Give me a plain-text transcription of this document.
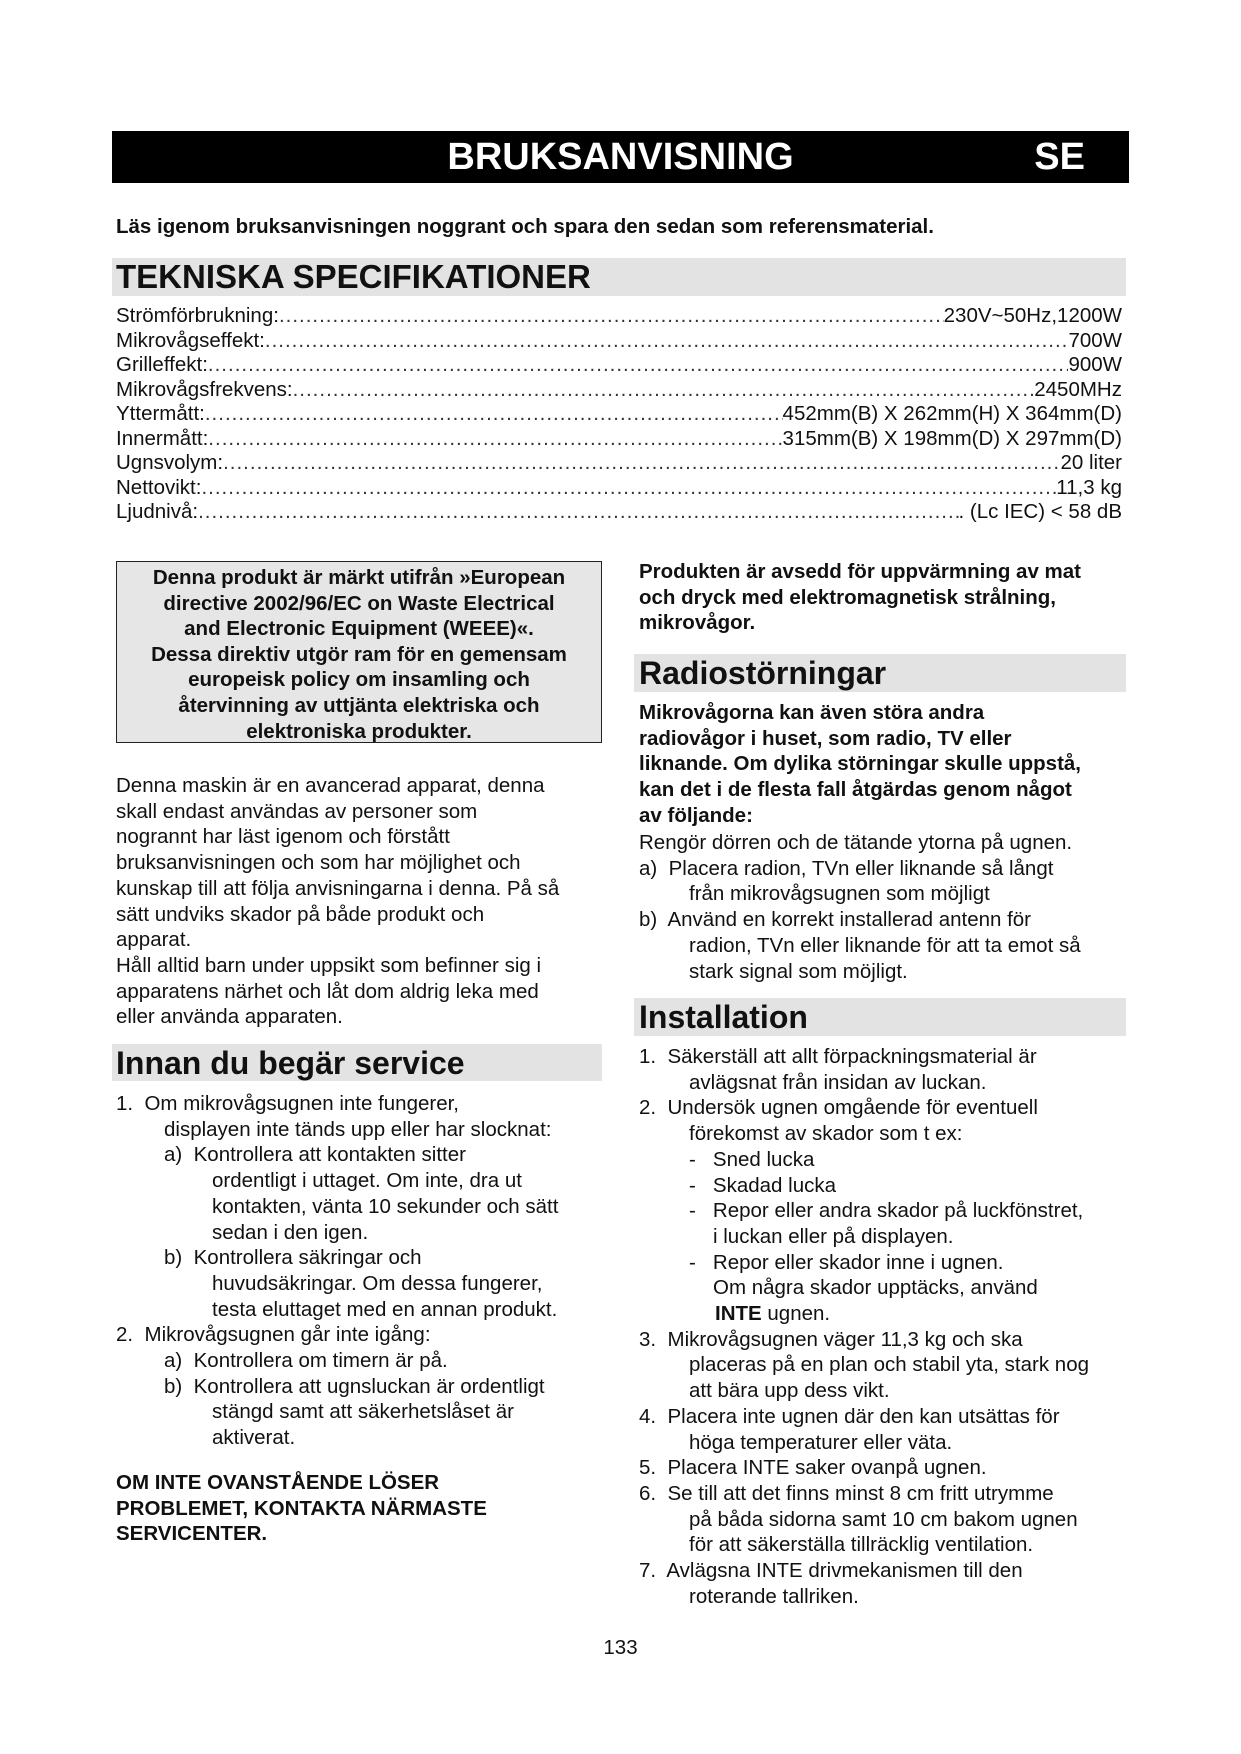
BRUKSANVISNING	SE
Läs igenom bruksanvisningen noggrant och spara den sedan som referensmaterial.
TEKNISKA SPECIFIKATIONER
Strömförbrukning: .....	230V~50Hz,1200W
Mikrovågseffekt: .....	700W
Grilleffekt: .....	900W
Mikrovågsfrekvens: .....	2450MHz
Yttermått: .....	452mm(B) X 262mm(H) X 364mm(D)
Innermått: .....	315mm(B) X 198mm(D) X 297mm(D)
Ugnsvolym: .....	20 liter
Nettovikt: .....	11,3 kg
Ljudnivå: .....	. (Lc IEC) < 58 dB
Denna produkt är märkt utifrån »European
directive 2002/96/EC on Waste Electrical
and Electronic Equipment (WEEE)«.
Dessa direktiv utgör ram för en gemensam
europeisk policy om insamling och
återvinning av uttjänta elektriska och
elektroniska produkter.
Denna maskin är en avancerad apparat, denna
skall endast användas av personer som
nogrannt har läst igenom och förstått
bruksanvisningen och som har möjlighet och
kunskap till att följa anvisningarna i denna. På så
sätt undviks skador på både produkt och
apparat.
Håll alltid barn under uppsikt som befinner sig i
apparatens närhet och låt dom aldrig leka med
eller använda apparaten.
Innan du begär service
1.  Om mikrovågsugnen inte fungerer,
displayen inte tänds upp eller har slocknat:
a)  Kontrollera att kontakten sitter
ordentligt i uttaget. Om inte, dra ut
kontakten, vänta 10 sekunder och sätt
sedan i den igen.
b)  Kontrollera säkringar och
huvudsäkringar. Om dessa fungerer,
testa eluttaget med en annan produkt.
2.  Mikrovågsugnen går inte igång:
a)  Kontrollera om timern är på.
b)  Kontrollera att ugnsluckan är ordentligt
stängd samt att säkerhetslåset är
aktiverat.
OM INTE OVANSTÅENDE LÖSER
PROBLEMET, KONTAKTA NÄRMASTE
SERVICENTER.
Produkten är avsedd för uppvärmning av mat
och dryck med elektromagnetisk strålning,
mikrovågor.
Radiostörningar
Mikrovågorna kan även störa andra
radiovågor i huset, som radio, TV eller
liknande. Om dylika störningar skulle uppstå,
kan det i de flesta fall åtgärdas genom något
av följande:
Rengör dörren och de tätande ytorna på ugnen.
a)  Placera radion, TVn eller liknande så långt
från mikrovågsugnen som möjligt
b)  Använd en korrekt installerad antenn för
radion, TVn eller liknande för att ta emot så
stark signal som möjligt.
Installation
1.  Säkerställ att allt förpackningsmaterial är
avlägsnat från insidan av luckan.
2.  Undersök ugnen omgående för eventuell
förekomst av skador som t ex:
-   Sned lucka
-   Skadad lucka
-   Repor eller andra skador på luckfönstret,
i luckan eller på displayen.
-   Repor eller skador inne i ugnen.
Om några skador upptäcks, använd
INTE ugnen.
3.  Mikrovågsugnen väger 11,3 kg och ska
placeras på en plan och stabil yta, stark nog
att bära upp dess vikt.
4.  Placera inte ugnen där den kan utsättas för
höga temperaturer eller väta.
5.  Placera INTE saker ovanpå ugnen.
6.  Se till att det finns minst 8 cm fritt utrymme
på båda sidorna samt 10 cm bakom ugnen
för att säkerställa tillräcklig ventilation.
7.  Avlägsna INTE drivmekanismen till den
roterande tallriken.
133
